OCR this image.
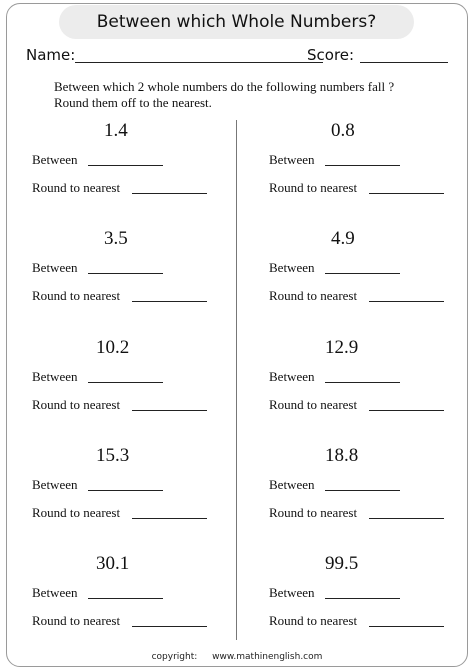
Between which Whole Numbers?
Name:	Score:
Between which 2 whole numbers do the following numbers fall ?
Round them off to the nearest.
1.4
Between
Round to nearest
3.5
Between
Round to nearest
10.2
Between
Round to nearest
15.3
Between
Round to nearest
30.1
Between
Round to nearest
0.8
Between
Round to nearest
4.9
Between
Round to nearest
12.9
Between
Round to nearest
18.8
Between
Round to nearest
99.5
Between
Round to nearest
copyright: www.mathinenglish.com
